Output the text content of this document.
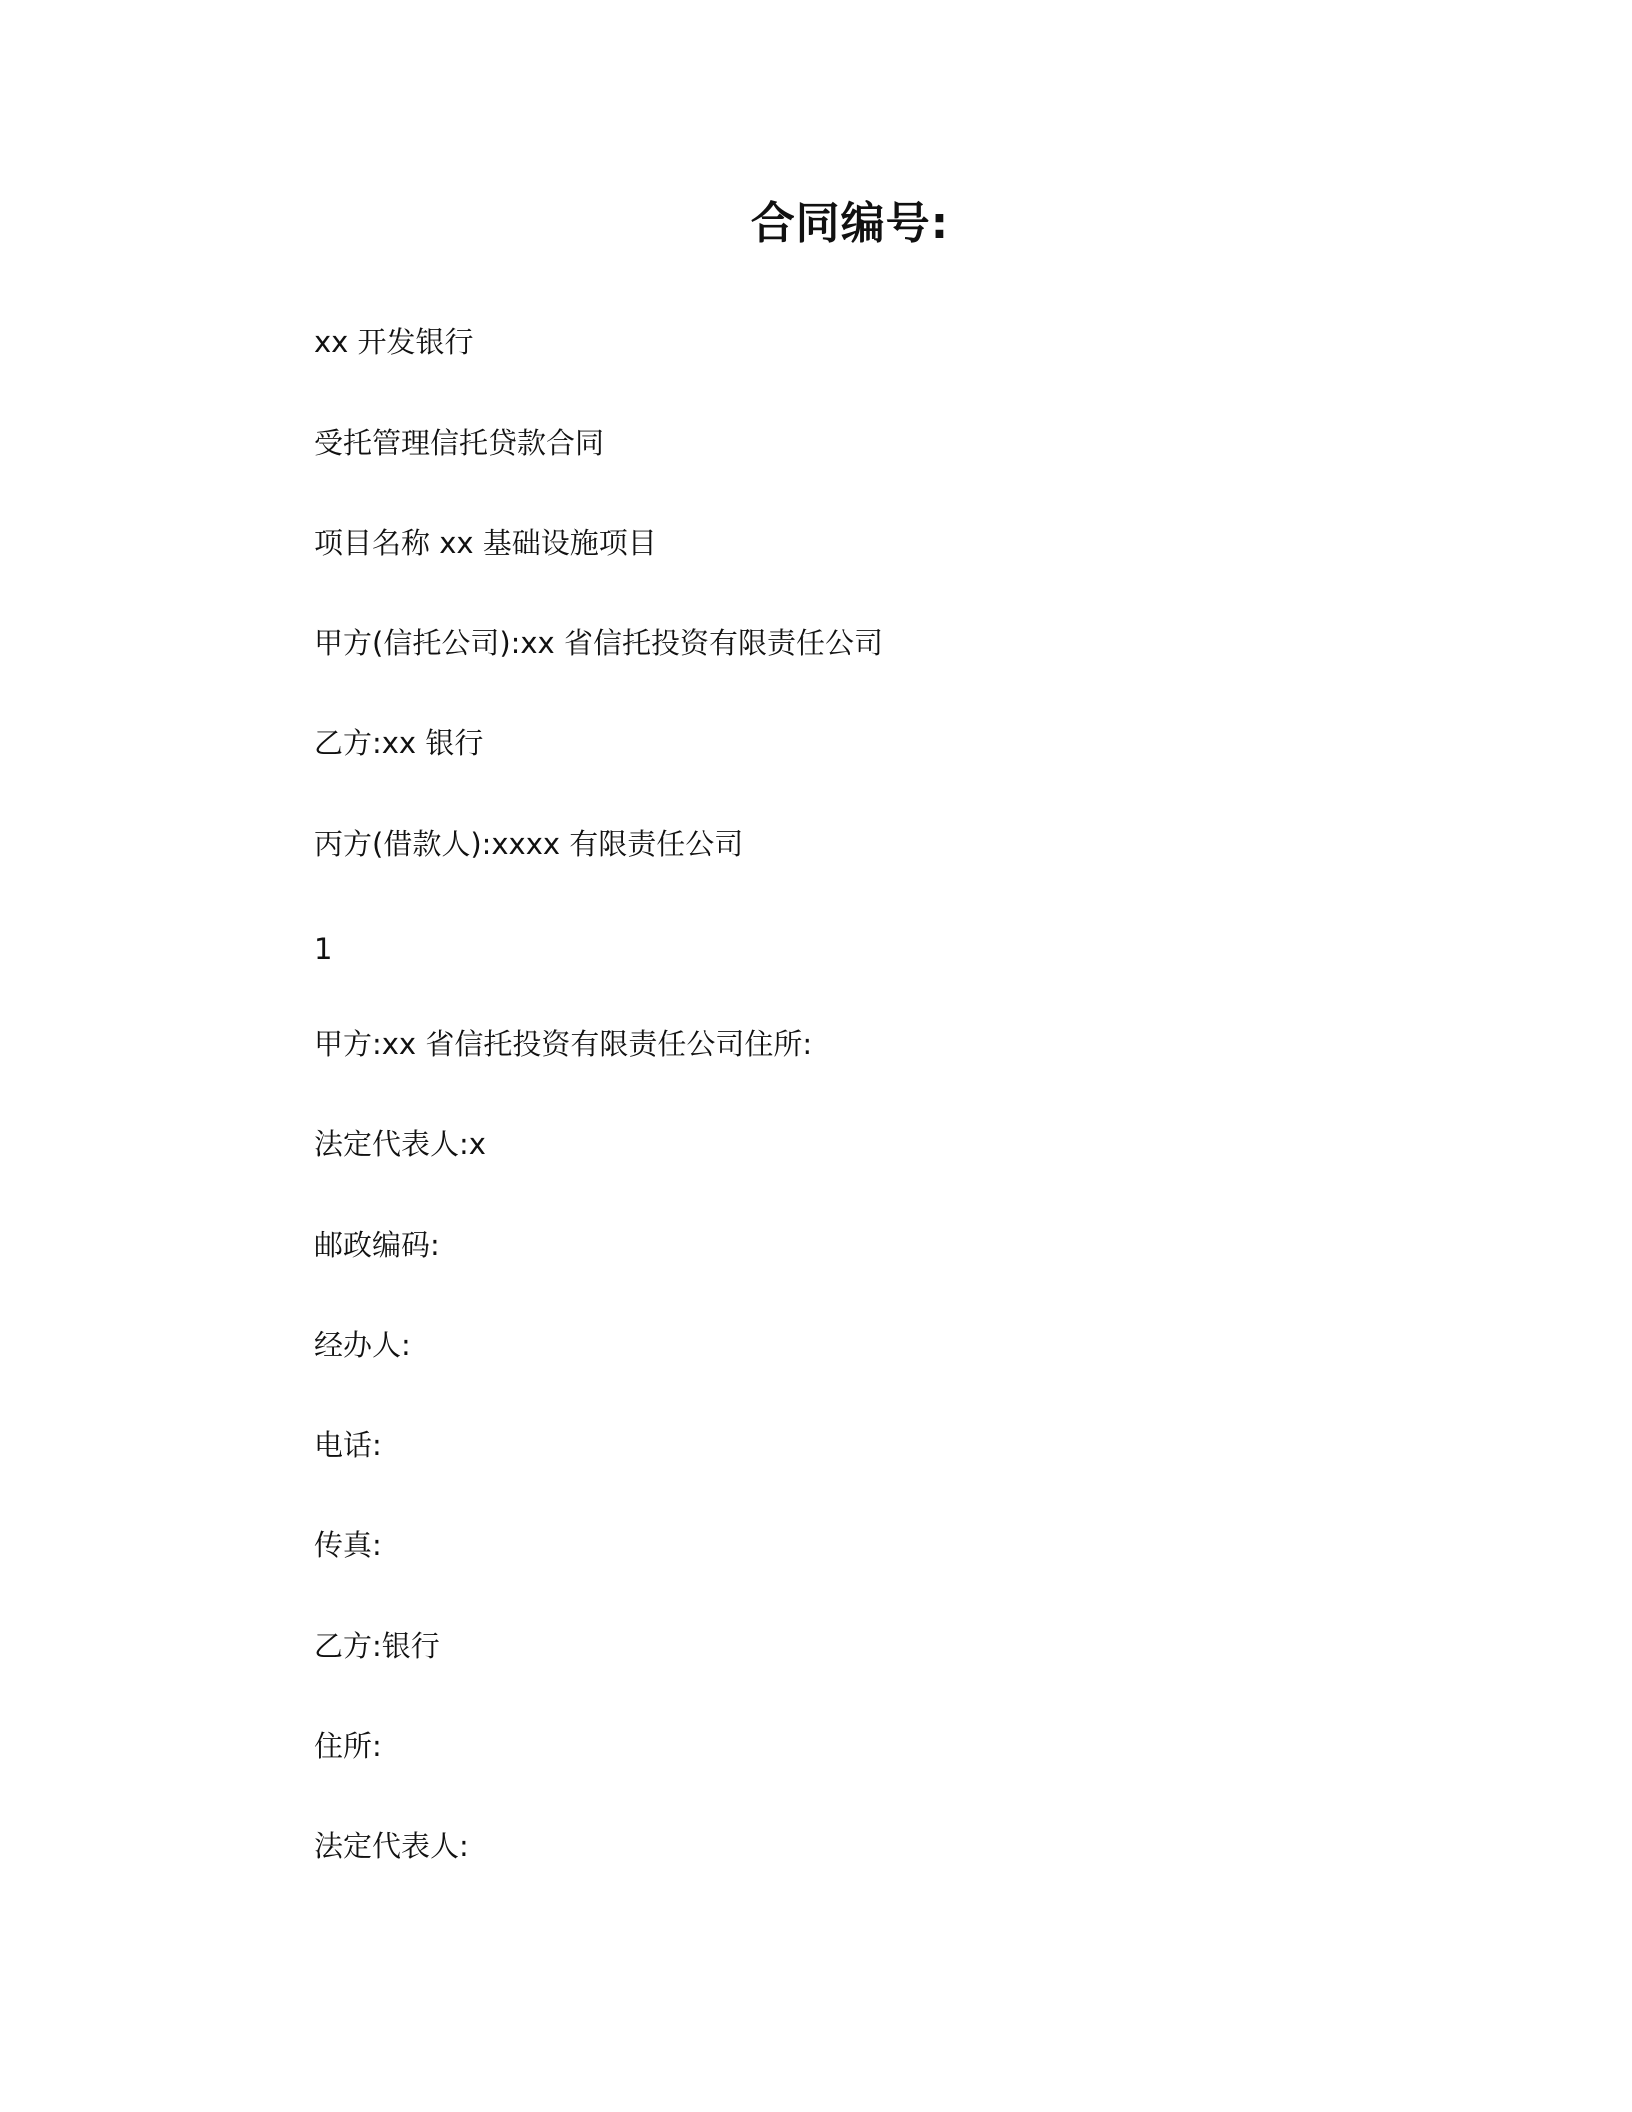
合同编号:
xx 开发银行
受托管理信托贷款合同
项目名称 xx 基础设施项目
甲方(信托公司):xx 省信托投资有限责任公司
乙方:xx 银行
丙方(借款人):xxxx 有限责任公司
1
甲方:xx 省信托投资有限责任公司住所:
法定代表人:x
邮政编码:
经办人:
电话:
传真:
乙方:银行
住所:
法定代表人:
